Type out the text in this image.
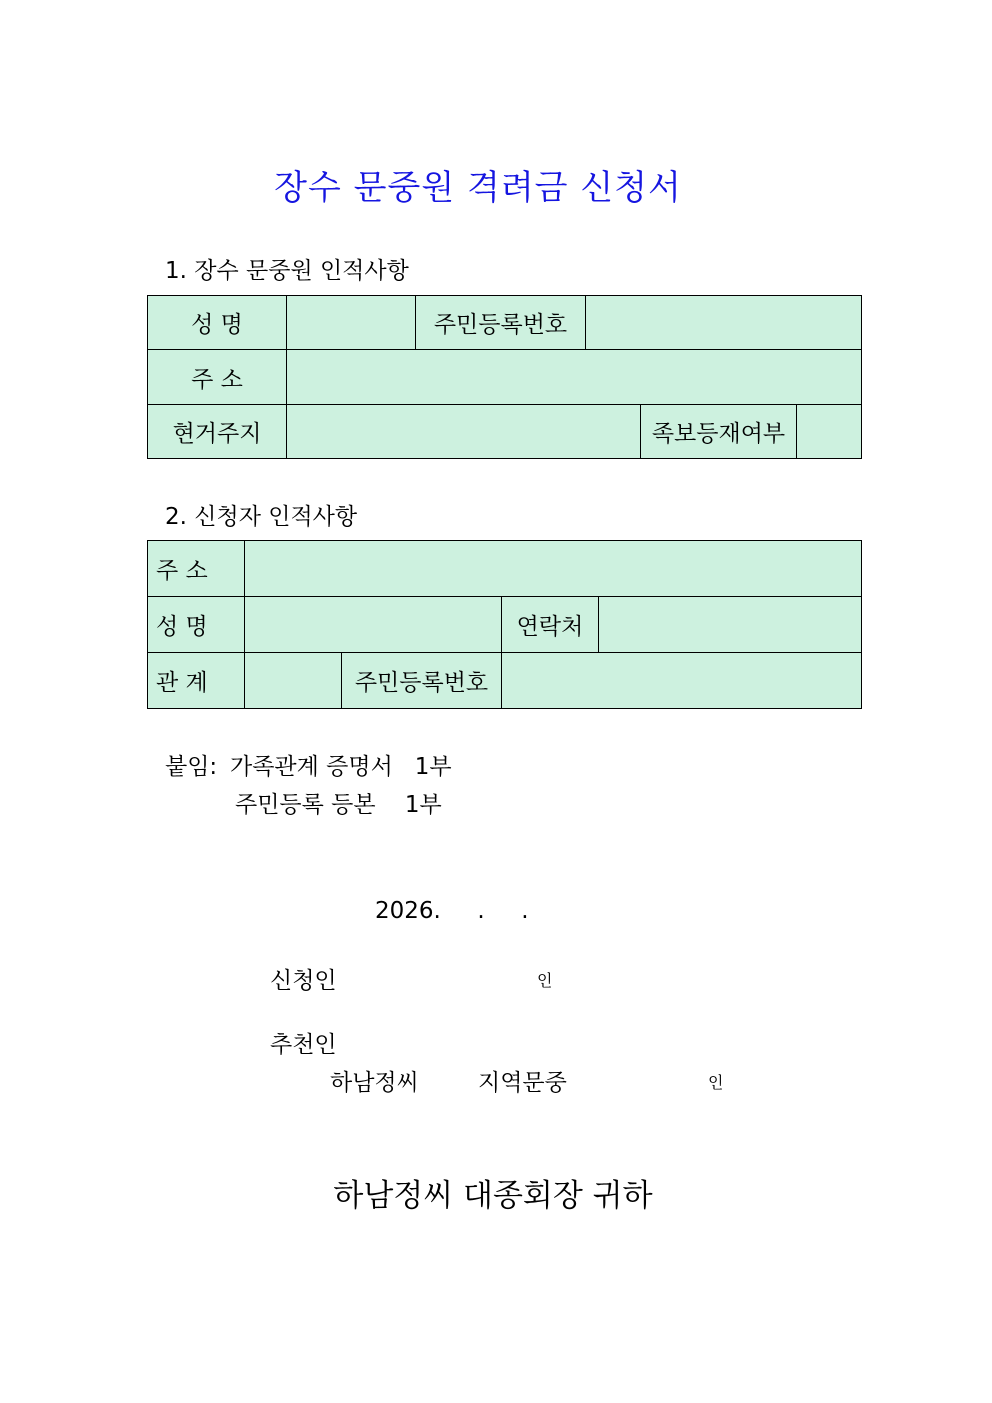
장수 문중원 격려금 신청서
1. 장수 문중원 인적사항
성 명		주민등록번호			
주 소					
현거주지				족보등재여부	
2. 신청자 인적사항
주 소				
성 명			연락처	
관 계		주민등록번호		
붙임: 가족관계 증명서   1부
주민등록 등본    1부
2026.     .     .
신청인	인
추천인
하남정씨	지역문중	인
하남정씨 대종회장 귀하
